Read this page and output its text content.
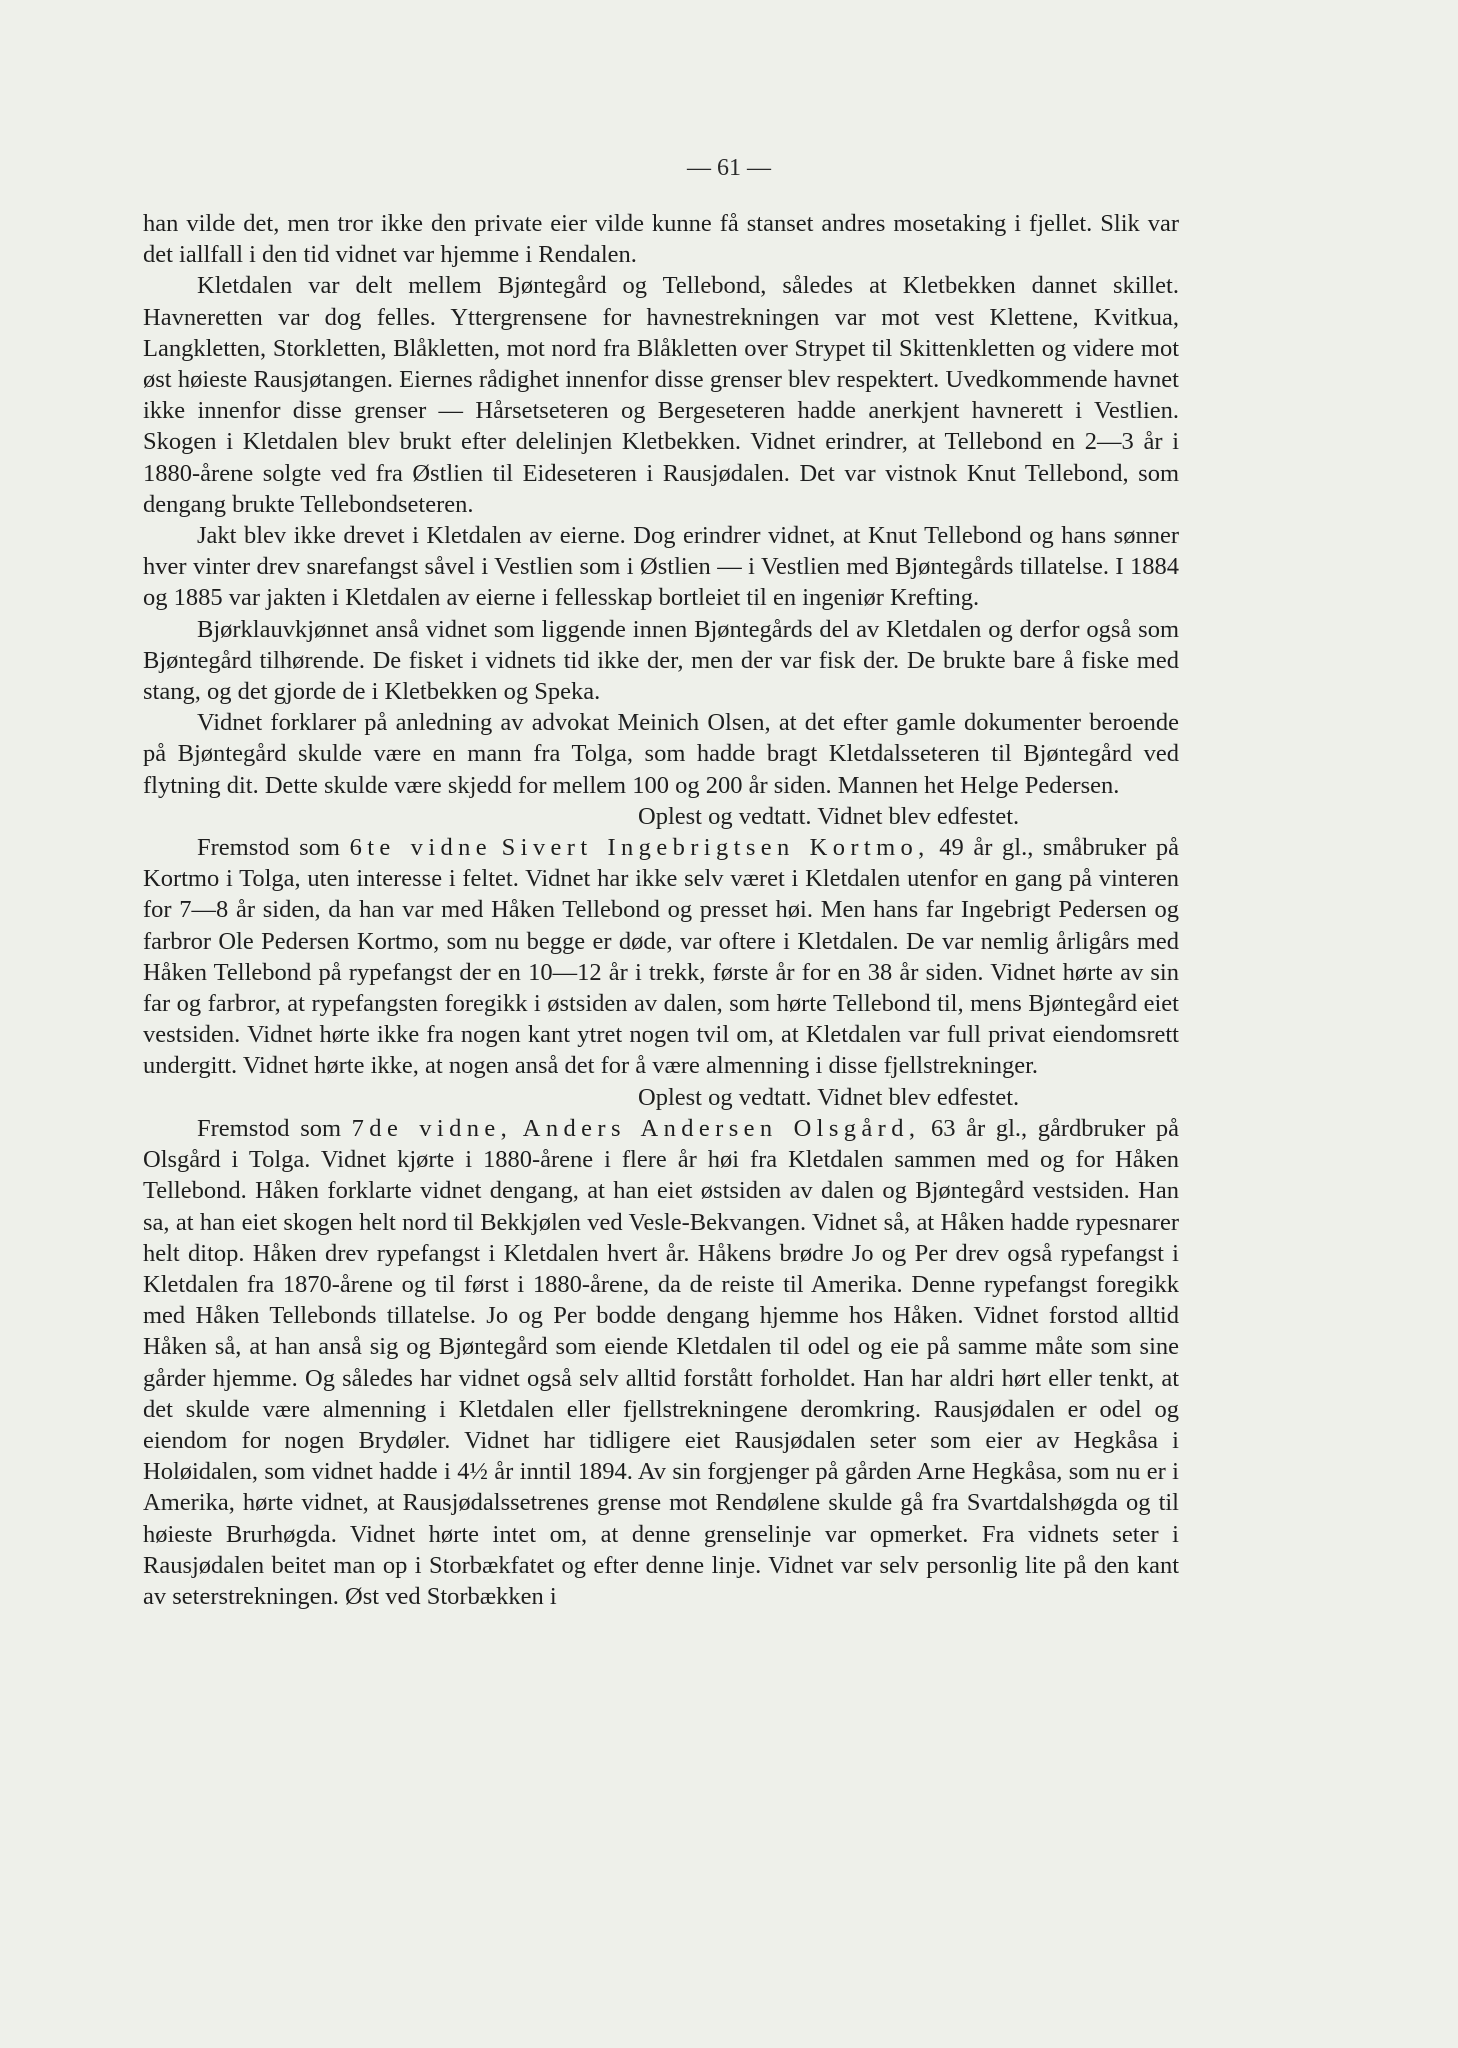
— 61 —

han vilde det, men tror ikke den private eier vilde kunne få stanset andres mosetaking i fjellet. Slik var det iallfall i den tid vidnet var hjemme i Rendalen.

Kletdalen var delt mellem Bjøntegård og Tellebond, således at Kletbekken dannet skillet. Havneretten var dog felles. Yttergrensene for havnestrekningen var mot vest Klettene, Kvitkua, Langkletten, Storkletten, Blåkletten, mot nord fra Blåkletten over Strypet til Skittenkletten og videre mot øst høieste Rausjøtangen. Eiernes rådighet innenfor disse grenser blev respektert. Uvedkommende havnet ikke innenfor disse grenser — Hårsetseteren og Bergeseteren hadde anerkjent havnerett i Vestlien. Skogen i Kletdalen blev brukt efter delelinjen Kletbekken. Vidnet erindrer, at Tellebond en 2—3 år i 1880-årene solgte ved fra Østlien til Eideseteren i Rausjødalen. Det var vistnok Knut Tellebond, som dengang brukte Tellebondseteren.

Jakt blev ikke drevet i Kletdalen av eierne. Dog erindrer vidnet, at Knut Tellebond og hans sønner hver vinter drev snarefangst såvel i Vestlien som i Østlien — i Vestlien med Bjøntegårds tillatelse. I 1884 og 1885 var jakten i Kletdalen av eierne i fellesskap bortleiet til en ingeniør Krefting.

Bjørklauvkjønnet anså vidnet som liggende innen Bjøntegårds del av Kletdalen og derfor også som Bjøntegård tilhørende. De fisket i vidnets tid ikke der, men der var fisk der. De brukte bare å fiske med stang, og det gjorde de i Kletbekken og Speka.

Vidnet forklarer på anledning av advokat Meinich Olsen, at det efter gamle dokumenter beroende på Bjøntegård skulde være en mann fra Tolga, som hadde bragt Kletdalsseteren til Bjøntegård ved flytning dit. Dette skulde være skjedd for mellem 100 og 200 år siden. Mannen het Helge Pedersen.

Oplest og vedtatt. Vidnet blev edfestet.

Fremstod som 6te vidne Sivert Ingebrigtsen Kortmo, 49 år gl., småbruker på Kortmo i Tolga, uten interesse i feltet. Vidnet har ikke selv været i Kletdalen utenfor en gang på vinteren for 7—8 år siden, da han var med Håken Tellebond og presset høi. Men hans far Ingebrigt Pedersen og farbror Ole Pedersen Kortmo, som nu begge er døde, var oftere i Kletdalen. De var nemlig årligårs med Håken Tellebond på rypefangst der en 10—12 år i trekk, første år for en 38 år siden. Vidnet hørte av sin far og farbror, at rypefangsten foregikk i østsiden av dalen, som hørte Tellebond til, mens Bjøntegård eiet vestsiden. Vidnet hørte ikke fra nogen kant ytret nogen tvil om, at Kletdalen var full privat eiendomsrett undergitt. Vidnet hørte ikke, at nogen anså det for å være almenning i disse fjellstrekninger.

Oplest og vedtatt. Vidnet blev edfestet.

Fremstod som 7de vidne, Anders Andersen Olsgård, 63 år gl., gårdbruker på Olsgård i Tolga. Vidnet kjørte i 1880-årene i flere år høi fra Kletdalen sammen med og for Håken Tellebond. Håken forklarte vidnet dengang, at han eiet østsiden av dalen og Bjøntegård vestsiden. Han sa, at han eiet skogen helt nord til Bekkjølen ved Vesle-Bekvangen. Vidnet så, at Håken hadde rypesnarer helt ditop. Håken drev rypefangst i Kletdalen hvert år. Håkens brødre Jo og Per drev også rypefangst i Kletdalen fra 1870-årene og til først i 1880-årene, da de reiste til Amerika. Denne rypefangst foregikk med Håken Tellebonds tillatelse. Jo og Per bodde dengang hjemme hos Håken. Vidnet forstod alltid Håken så, at han anså sig og Bjøntegård som eiende Kletdalen til odel og eie på samme måte som sine gårder hjemme. Og således har vidnet også selv alltid forstått forholdet. Han har aldri hørt eller tenkt, at det skulde være almenning i Kletdalen eller fjellstrekningene deromkring. Rausjødalen er odel og eiendom for nogen Brydøler. Vidnet har tidligere eiet Rausjødalen seter som eier av Hegkåsa i Holøidalen, som vidnet hadde i 4½ år inntil 1894. Av sin forgjenger på gården Arne Hegkåsa, som nu er i Amerika, hørte vidnet, at Rausjødalssetrenes grense mot Rendølene skulde gå fra Svartdalshøgda og til høieste Brurhøgda. Vidnet hørte intet om, at denne grenselinje var opmerket. Fra vidnets seter i Rausjødalen beitet man op i Storbækfatet og efter denne linje. Vidnet var selv personlig lite på den kant av seterstrekningen. Øst ved Storbækken i
